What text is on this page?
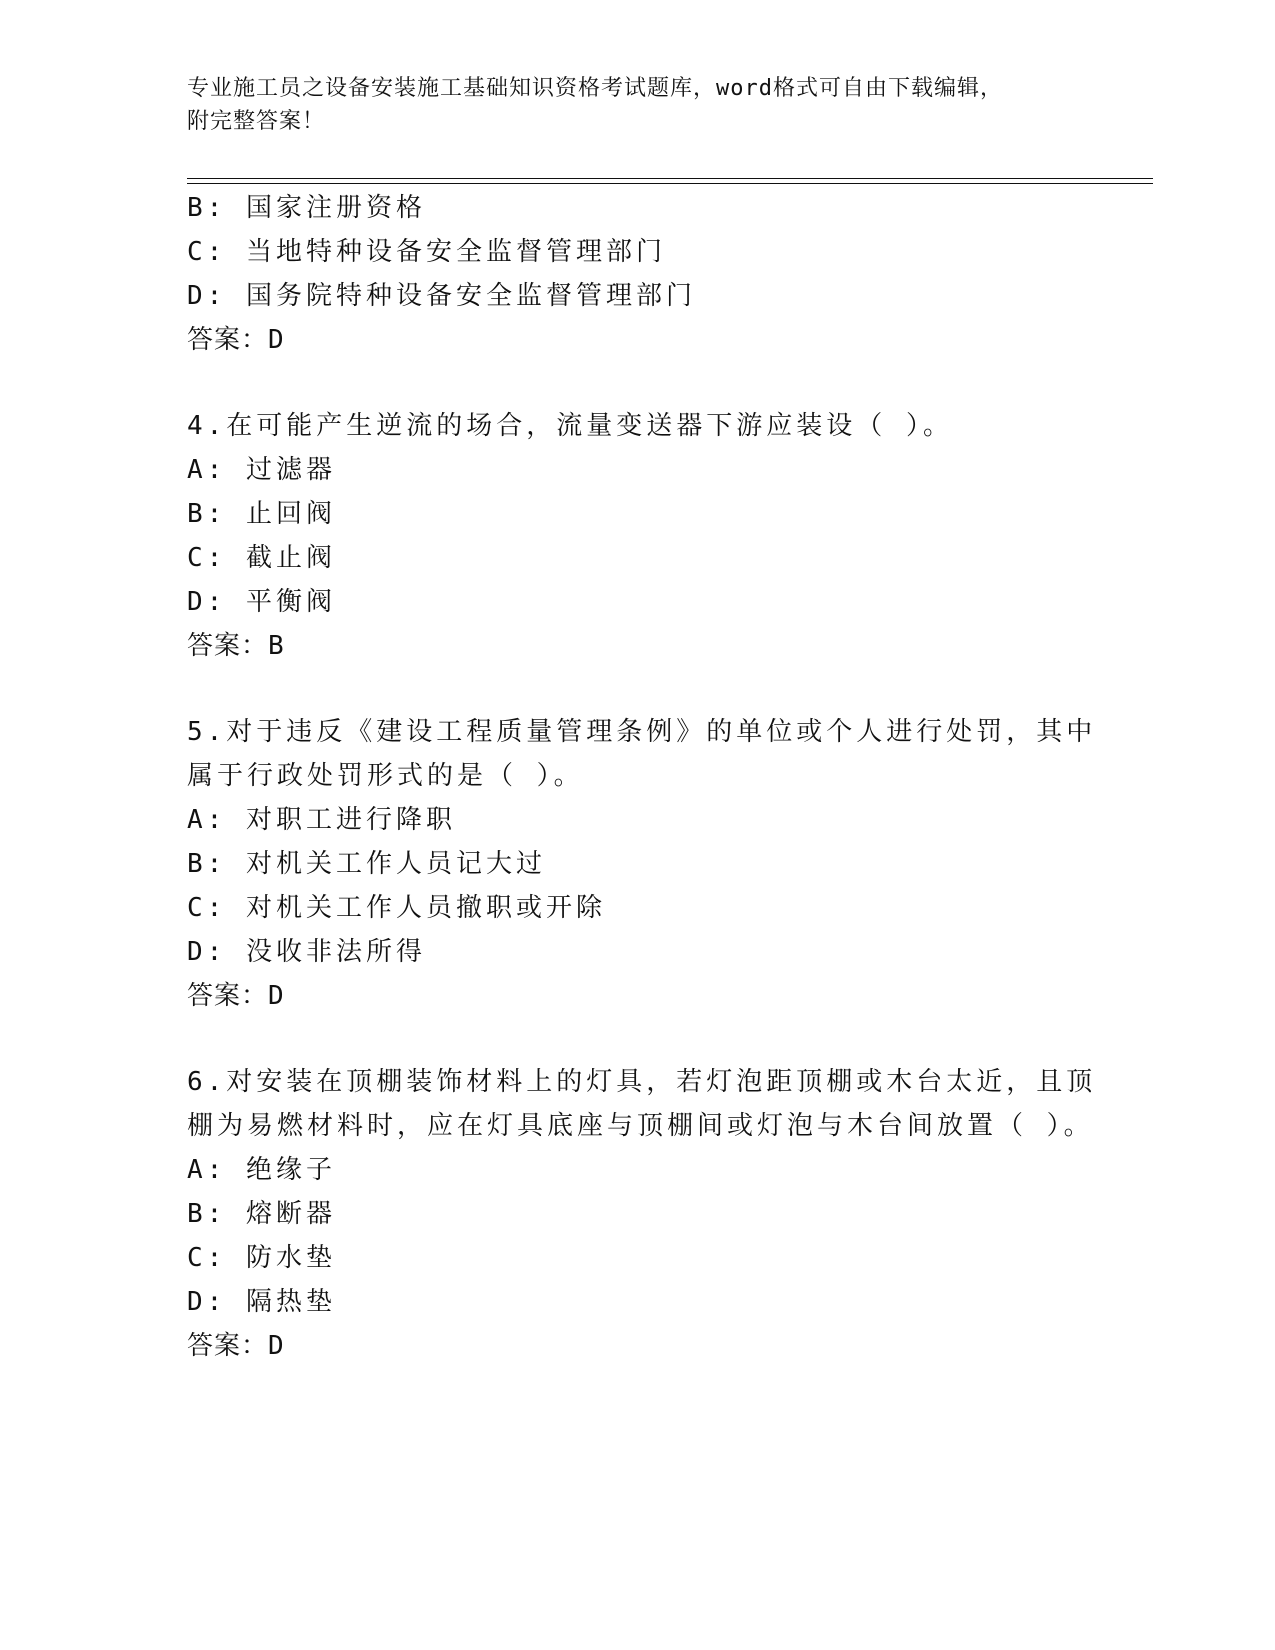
专业施工员之设备安装施工基础知识资格考试题库，word格式可自由下载编辑，
附完整答案！
B: 国家注册资格
C: 当地特种设备安全监督管理部门
D: 国务院特种设备安全监督管理部门
答案：D
4.在可能产生逆流的场合，流量变送器下游应装设（ ）。
A: 过滤器
B: 止回阀
C: 截止阀
D: 平衡阀
答案：B
5.对于违反《建设工程质量管理条例》的单位或个人进行处罚，其中
属于行政处罚形式的是（ ）。
A: 对职工进行降职
B: 对机关工作人员记大过
C: 对机关工作人员撤职或开除
D: 没收非法所得
答案：D
6.对安装在顶棚装饰材料上的灯具，若灯泡距顶棚或木台太近，且顶
棚为易燃材料时，应在灯具底座与顶棚间或灯泡与木台间放置（ ）。
A: 绝缘子
B: 熔断器
C: 防水垫
D: 隔热垫
答案：D
